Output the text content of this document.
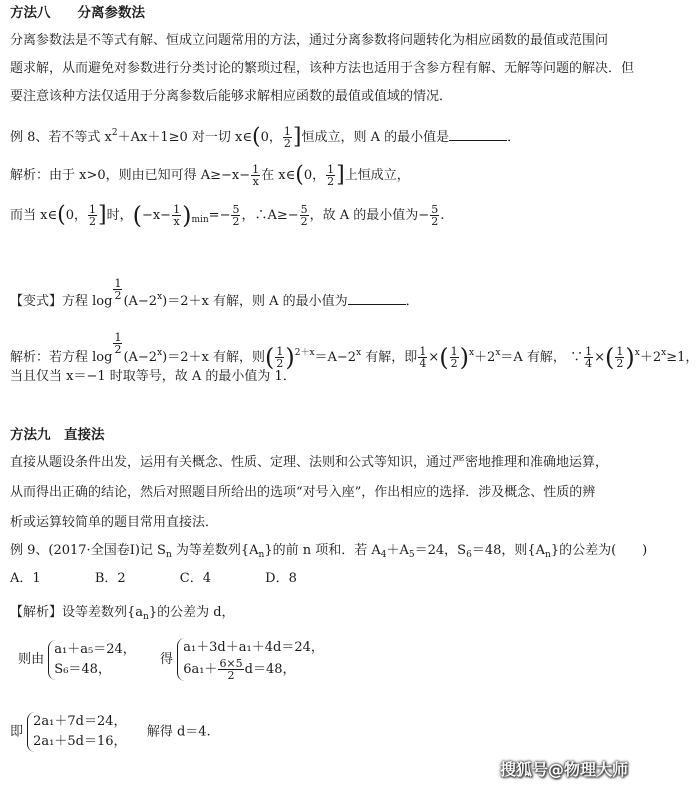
方法八　　分离参数法
分离参数法是不等式有解、恒成立问题常用的方法，通过分离参数将问题转化为相应函数的最值或范围问
题求解，从而避免对参数进行分类讨论的繁琐过程，该种方法也适用于含参方程有解、无解等问题的解决．但
要注意该种方法仅适用于分离参数后能够求解相应函数的最值或值域的情况．
例 8、若不等式 $x^2+Ax+1\ge 0$ 对一切 x∈(0， $\frac{1}{2}$ ]恒成立，则 A 的最小值是	．
解析：由于 x>0，则由已知可得 $A\ge-x- \frac{1}{x}$ 在 x∈(0， $\frac{1}{2}$ ]上恒成立，
而当 x∈(0， $\frac{1}{2}$ ]时，$(-x- \frac{1}{x} )_{min}=- \frac{5}{2}$ ，∴A≥− $\frac{5}{2}$ ，故 A 的最小值为− $\frac{5}{2}$ .
【变式】方程 log
$\frac{1}{2}$
$(A-2^x)=2+x$ 有解，则 A 的最小值为	．
解析：若方程 log
$\frac{1}{2}$
$(A-2^x)=2+x$ 有解，则( $\frac{1}{2} )^{2+x}=A-2^x$ 有解，即 $\frac{1}{4}$ ×( $\frac{1}{2} )^x+2^x=A$ 有解， ∵ $\frac{1}{4}$ ×( $\frac{1}{2} )^x+2^x\ge 1$，
当且仅当 x＝−1 时取等号，故 A 的最小值为 1．
方法九　直接法
直接从题设条件出发，运用有关概念、性质、定理、法则和公式等知识，通过严密地推理和准确地运算，
从而得出正确的结论，然后对照题目所给出的选项“对号入座”，作出相应的选择．涉及概念、性质的辨
析或运算较简单的题目常用直接法．
例 9、(2017·全国卷Ⅰ)记 $S_n$ 为等差数列$\{A_n\}$的前 n 项和．若 $A_4+A_5=24$，$S_6=48$，则$\{A_n\}$的公差为(　　)
A．1	B．2	C．4	D．8
【解析】设等差数列$\{a_n\}$的公差为 d，
则由
a₁＋a₅＝24，
S₆＝48，
得
a₁＋3d＋a₁＋4d＝24，
$6a_1+ \frac{6\times 5}{2} d=48$，
即
2a₁＋7d＝24，
2a₁＋5d＝16，
解得 d＝4.
搜狐号@物理大师
